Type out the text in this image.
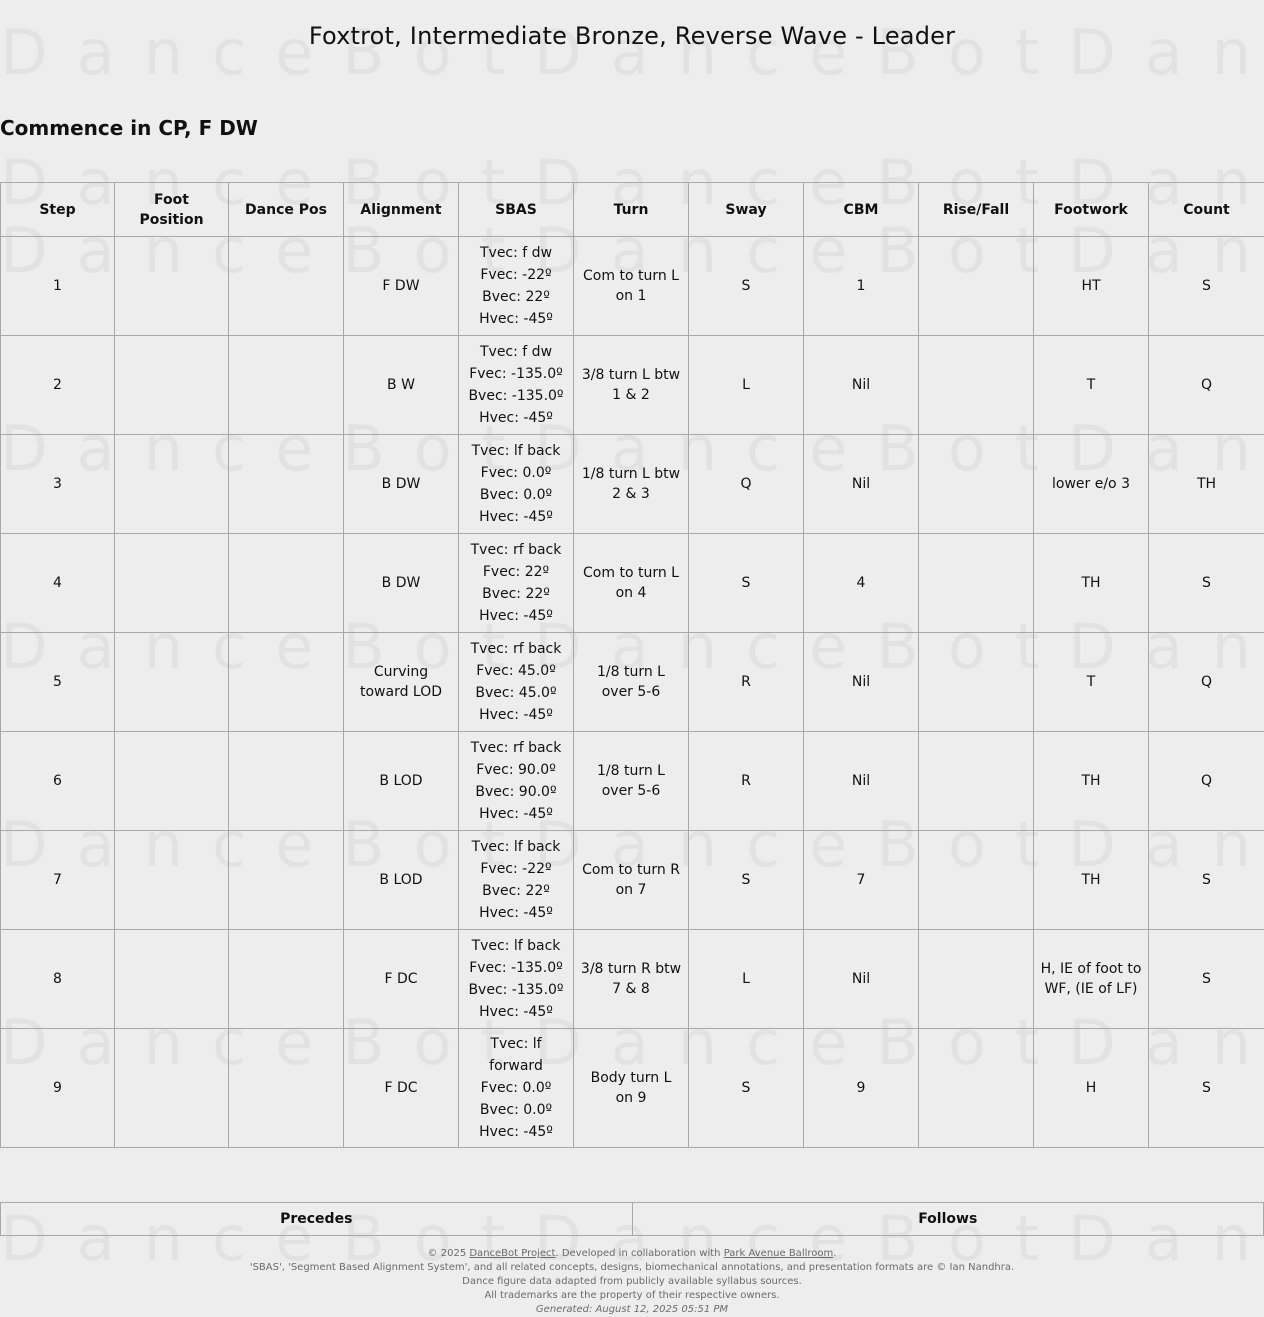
Foxtrot, Intermediate Bronze, Reverse Wave - Leader
Commence in CP, F DW
Step	Foot Position	Dance Pos	Alignment	SBAS	Turn	Sway	CBM	Rise/Fall	Footwork	Count
1			F DW	Tvec: f dw
Fvec: -22º
Bvec: 22º
Hvec: -45º	Com to turn L on 1	S	1		HT	S
2			B W	Tvec: f dw
Fvec: -135.0º
Bvec: -135.0º
Hvec: -45º	3/8 turn L btw 1 & 2	L	Nil		T	Q
3			B DW	Tvec: lf back
Fvec: 0.0º
Bvec: 0.0º
Hvec: -45º	1/8 turn L btw 2 & 3	Q	Nil		lower e/o 3	TH
4			B DW	Tvec: rf back
Fvec: 22º
Bvec: 22º
Hvec: -45º	Com to turn L on 4	S	4		TH	S
5			Curving toward LOD	Tvec: rf back
Fvec: 45.0º
Bvec: 45.0º
Hvec: -45º	1/8 turn L over 5-6	R	Nil		T	Q
6			B LOD	Tvec: rf back
Fvec: 90.0º
Bvec: 90.0º
Hvec: -45º	1/8 turn L over 5-6	R	Nil		TH	Q
7			B LOD	Tvec: lf back
Fvec: -22º
Bvec: 22º
Hvec: -45º	Com to turn R on 7	S	7		TH	S
8			F DC	Tvec: lf back
Fvec: -135.0º
Bvec: -135.0º
Hvec: -45º	3/8 turn R btw 7 & 8	L	Nil		H, IE of foot to WF, (IE of LF)	S
9			F DC	Tvec: lf forward
Fvec: 0.0º
Bvec: 0.0º
Hvec: -45º	Body turn L on 9	S	9		H	S
Precedes	Follows
© 2025 DanceBot Project. Developed in collaboration with Park Avenue Ballroom.
'SBAS', 'Segment Based Alignment System', and all related concepts, designs, biomechanical annotations, and presentation formats are © Ian Nandhra.
Dance figure data adapted from publicly available syllabus sources.
All trademarks are the property of their respective owners.
Generated: August 12, 2025 05:51 PM
